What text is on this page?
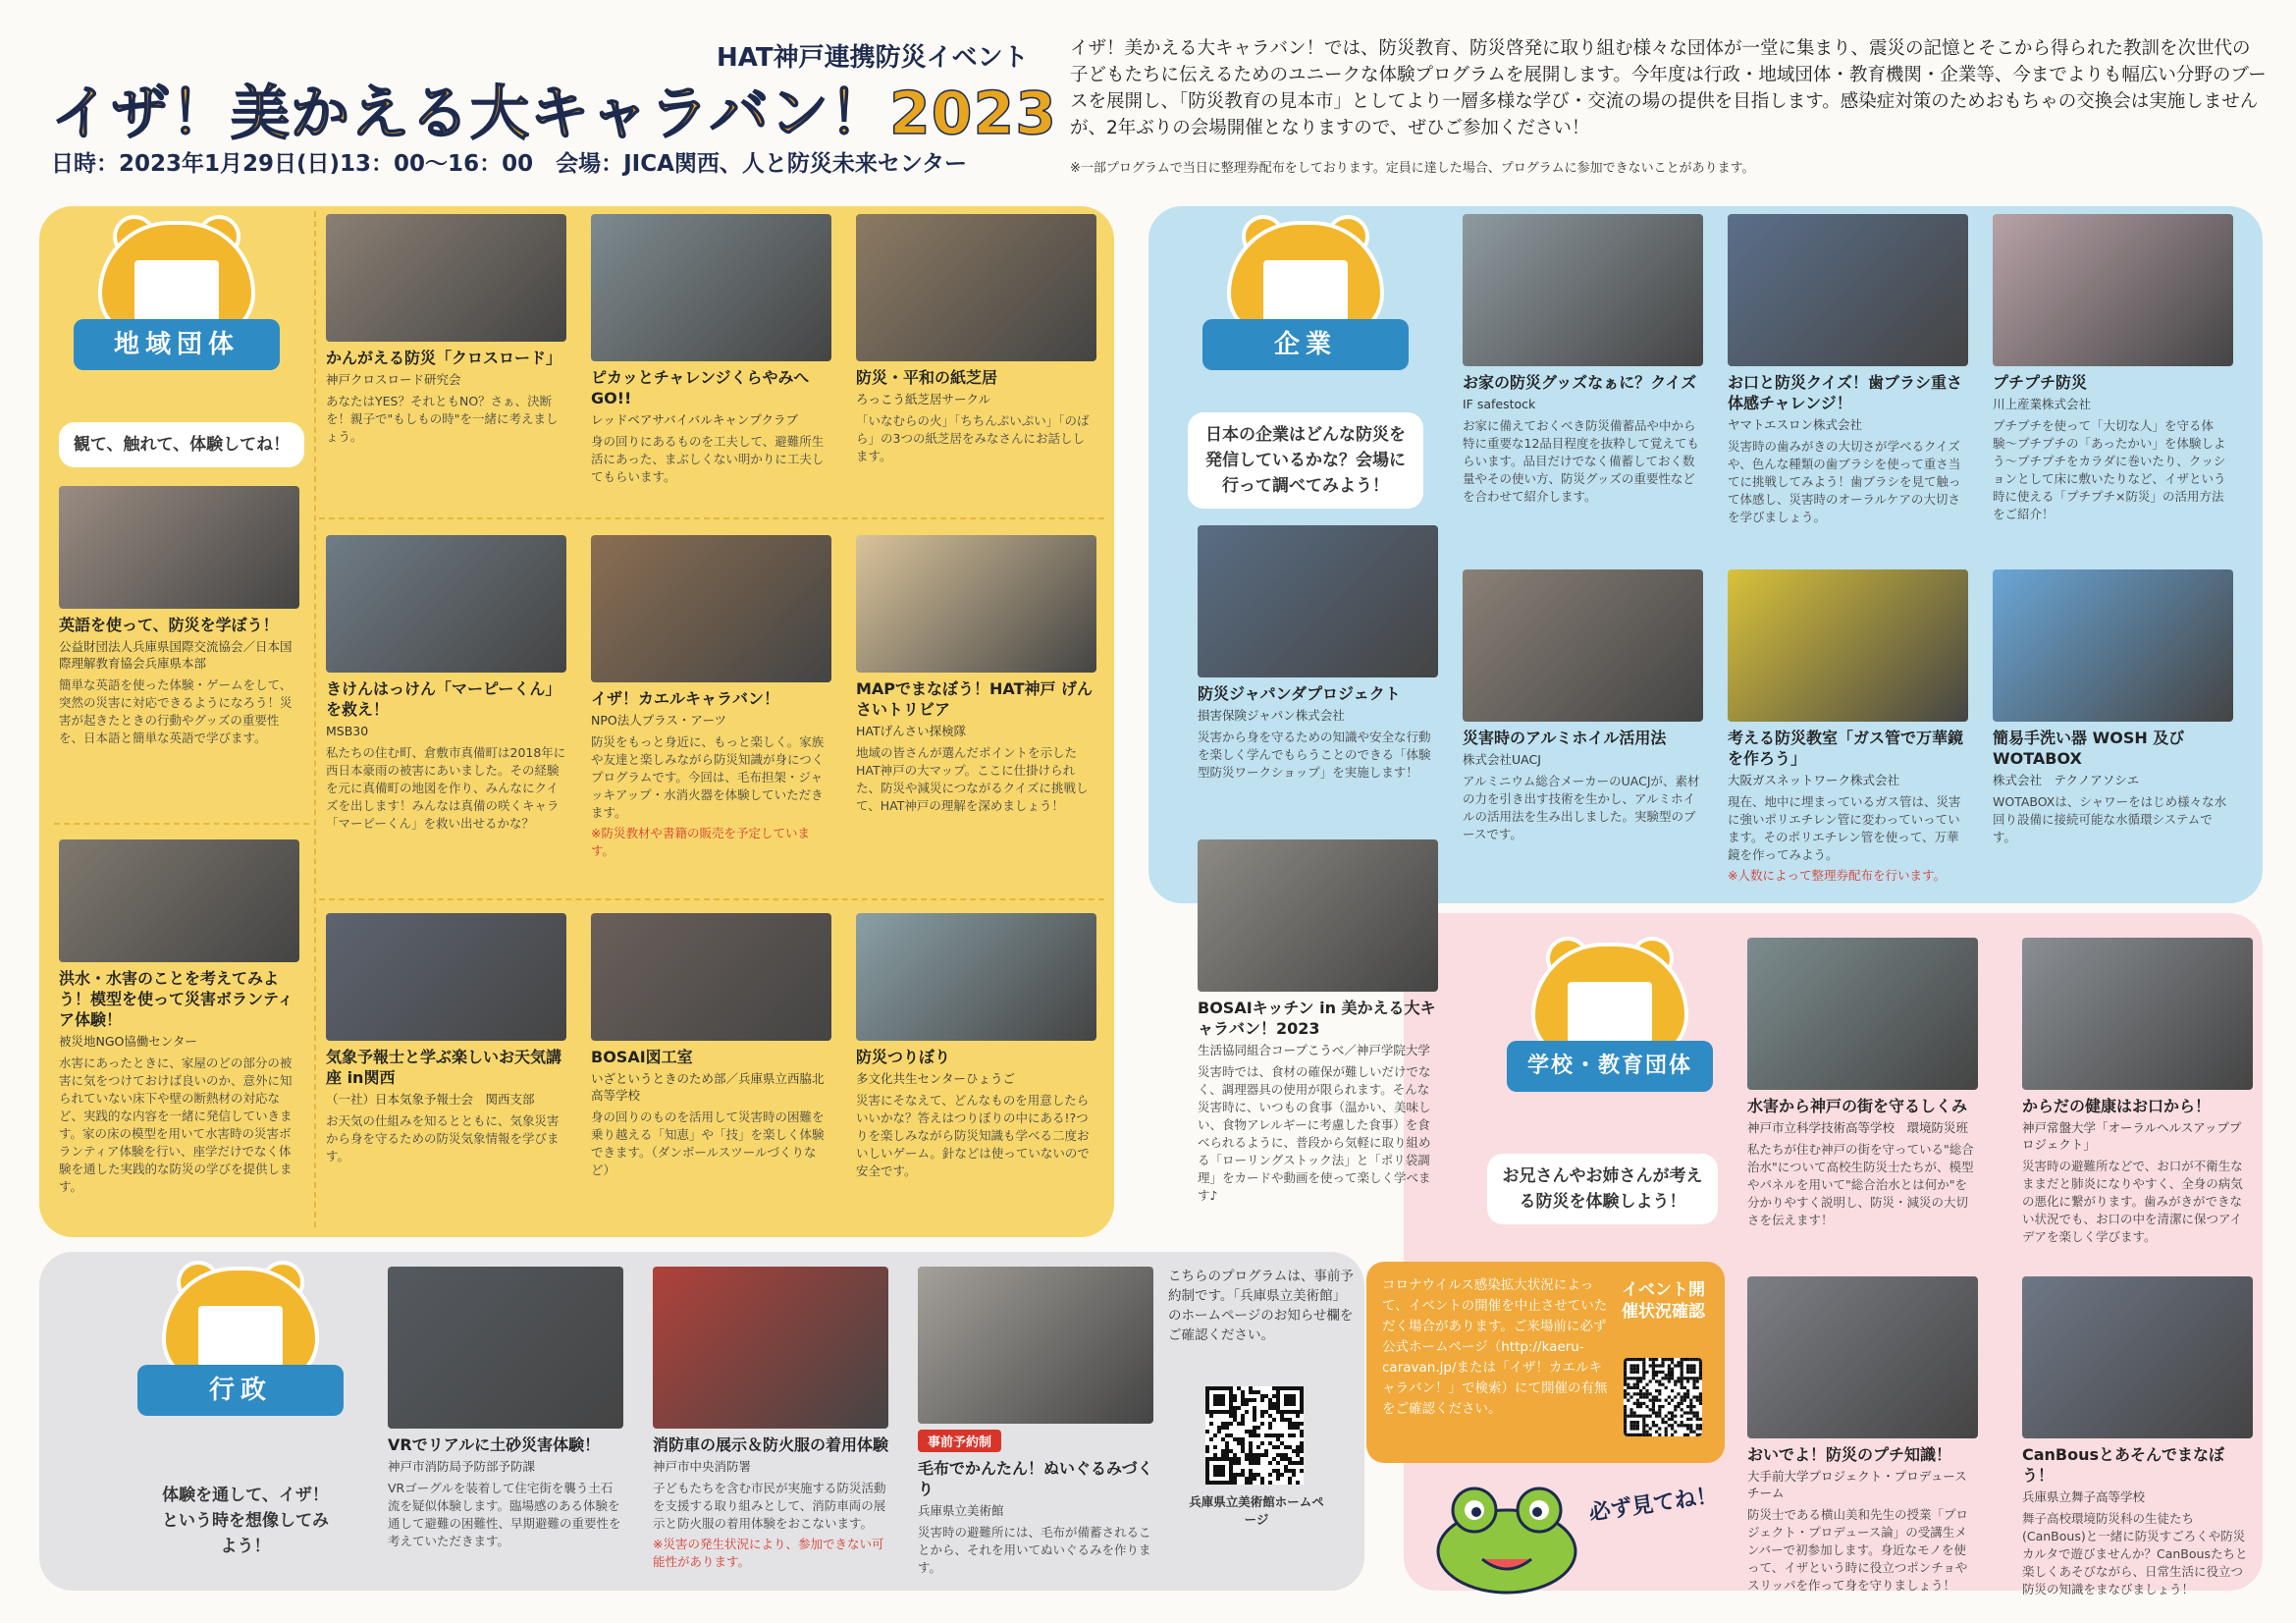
HAT神戸連携防災イベント
イザ！美かえる大キャラバン！2023
日時：2023年1月29日(日)13：00〜16：00　会場：JICA関西、人と防災未来センター
イザ！美かえる大キャラバン！では、防災教育、防災啓発に取り組む様々な団体が一堂に集まり、震災の記憶とそこから得られた教訓を次世代の子どもたちに伝えるためのユニークな体験プログラムを展開します。今年度は行政・地域団体・教育機関・企業等、今までよりも幅広い分野のブースを展開し、「防災教育の見本市」としてより一層多様な学び・交流の場の提供を目指します。感染症対策のためおもちゃの交換会は実施しませんが、2年ぶりの会場開催となりますので、ぜひご参加ください！
※一部プログラムで当日に整理券配布をしております。定員に達した場合、プログラムに参加できないことがあります。
地域団体
観て、触れて、体験してね！
企業
日本の企業はどんな防災を発信しているかな？会場に行って調べてみよう！
学校・教育団体
お兄さんやお姉さんが考える防災を体験しよう！
行政
体験を通して、イザ！という時を想像してみよう！
かんがえる防災「クロスロード」
神戸クロスロード研究会
あなたはYES？それともNO？さぁ、決断を！親子で"もしもの時"を一緒に考えましょう。
ピカッとチャレンジくらやみへGO!!
レッドベアサバイバルキャンプクラブ
身の回りにあるものを工夫して、避難所生活にあった、まぶしくない明かりに工夫してもらいます。
防災・平和の紙芝居
ろっこう紙芝居サークル
「いなむらの火」「ちちんぷいぷい」「のばら」の3つの紙芝居をみなさんにお話しします。
英語を使って、防災を学ぼう！
公益財団法人兵庫県国際交流協会／日本国際理解教育協会兵庫県本部
簡単な英語を使った体験・ゲームをして、突然の災害に対応できるようになろう！災害が起きたときの行動やグッズの重要性を、日本語と簡単な英語で学びます。
きけんはっけん「マーピーくん」を救え！
MSB30
私たちの住む町、倉敷市真備町は2018年に西日本豪雨の被害にあいました。その経験を元に真備町の地図を作り、みんなにクイズを出します！みんなは真備の咲くキャラ「マーピーくん」を救い出せるかな？
イザ！カエルキャラバン！
NPO法人プラス・アーツ
防災をもっと身近に、もっと楽しく。家族や友達と楽しみながら防災知識が身につくプログラムです。今回は、毛布担架・ジャッキアップ・水消火器を体験していただきます。
※防災教材や書籍の販売を予定しています。
MAPでまなぼう！HAT神戸 げんさいトリビア
HATげんさい探検隊
地域の皆さんが選んだポイントを示したHAT神戸の大マップ。ここに仕掛けられた、防災や減災につながるクイズに挑戦して、HAT神戸の理解を深めましょう！
洪水・水害のことを考えてみよう！模型を使って災害ボランティア体験！
被災地NGO協働センター
水害にあったときに、家屋のどの部分の被害に気をつけておけば良いのか、意外に知られていない床下や壁の断熱材の対応など、実践的な内容を一緒に発信していきます。家の床の模型を用いて水害時の災害ボランティア体験を行い、座学だけでなく体験を通した実践的な防災の学びを提供します。
気象予報士と学ぶ楽しいお天気講座 in関西
（一社）日本気象予報士会　関西支部
お天気の仕組みを知るとともに、気象災害から身を守るための防災気象情報を学びます。
BOSAI図工室
いざというときのため部／兵庫県立西脇北高等学校
身の回りのものを活用して災害時の困難を乗り越える「知恵」や「技」を楽しく体験できます。（ダンボールスツールづくりなど）
防災つりぼり
多文化共生センターひょうご
災害にそなえて、どんなものを用意したらいいかな？答えはつりぼりの中にある!?つりを楽しみながら防災知識も学べる二度おいしいゲーム。針などは使っていないので安全です。
お家の防災グッズなぁに？クイズ
IF safestock
お家に備えておくべき防災備蓄品や中から特に重要な12品目程度を抜粋して覚えてもらいます。品目だけでなく備蓄しておく数量やその使い方、防災グッズの重要性などを合わせて紹介します。
お口と防災クイズ！歯ブラシ重さ体感チャレンジ！
ヤマトエスロン株式会社
災害時の歯みがきの大切さが学べるクイズや、色んな種類の歯ブラシを使って重さ当てに挑戦してみよう！歯ブラシを見て触って体感し、災害時のオーラルケアの大切さを学びましょう。
プチプチ防災
川上産業株式会社
プチプチを使って「大切な人」を守る体験〜プチプチの「あったかい」を体験しよう〜プチプチをカラダに巻いたり、クッションとして床に敷いたりなど、イザという時に使える「プチプチ×防災」の活用方法をご紹介！
防災ジャパンダプロジェクト
損害保険ジャパン株式会社
災害から身を守るための知識や安全な行動を楽しく学んでもらうことのできる「体験型防災ワークショップ」を実施します！
災害時のアルミホイル活用法
株式会社UACJ
アルミニウム総合メーカーのUACJが、素材の力を引き出す技術を生かし、アルミホイルの活用法を生み出しました。実験型のブースです。
考える防災教室「ガス管で万華鏡を作ろう」
大阪ガスネットワーク株式会社
現在、地中に埋まっているガス管は、災害に強いポリエチレン管に変わっていっています。そのポリエチレン管を使って、万華鏡を作ってみよう。
※人数によって整理券配布を行います。
簡易手洗い器 WOSH 及び WOTABOX
株式会社　テクノアソシエ
WOTABOXは、シャワーをはじめ様々な水回り設備に接続可能な水循環システムです。
BOSAIキッチン in 美かえる大キャラバン！2023
生活協同組合コープこうべ／神戸学院大学
災害時では、食材の確保が難しいだけでなく、調理器具の使用が限られます。そんな災害時に、いつもの食事（温かい、美味しい、食物アレルギーに考慮した食事）を食べられるように、普段から気軽に取り組める「ローリングストック法」と「ポリ袋調理」をカードや動画を使って楽しく学べます♪
水害から神戸の街を守るしくみ
神戸市立科学技術高等学校　環境防災班
私たちが住む神戸の街を守っている"総合治水"について高校生防災士たちが、模型やパネルを用いて"総合治水とは何か"を分かりやすく説明し、防災・減災の大切さを伝えます！
からだの健康はお口から！
神戸常盤大学「オーラルヘルスアッププロジェクト」
災害時の避難所などで、お口が不衛生なままだと肺炎になりやすく、全身の病気の悪化に繋がります。歯みがきができない状況でも、お口の中を清潔に保つアイデアを楽しく学びます。
おいでよ！防災のプチ知識！
大手前大学プロジェクト・プロデュースチーム
防災士である横山美和先生の授業「プロジェクト・プロデュース論」の受講生メンバーで初参加します。身近なモノを使って、イザという時に役立つポンチョやスリッパを作って身を守りましょう！
CanBousとあそんでまなぼう！
兵庫県立舞子高等学校
舞子高校環境防災科の生徒たち(CanBous)と一緒に防災すごろくや防災カルタで遊びませんか？CanBousたちと楽しくあそびながら、日常生活に役立つ防災の知識をまなびましょう！
VRでリアルに土砂災害体験！
神戸市消防局予防部予防課
VRゴーグルを装着して住宅街を襲う土石流を疑似体験します。臨場感のある体験を通して避難の困難性、早期避難の重要性を考えていただきます。
消防車の展示＆防火服の着用体験
神戸市中央消防署
子どもたちを含む市民が実施する防災活動を支援する取り組みとして、消防車両の展示と防火服の着用体験をおこないます。
※災害の発生状況により、参加できない可能性があります。
事前予約制
毛布でかんたん！ぬいぐるみづくり
兵庫県立美術館
災害時の避難所には、毛布が備蓄されることから、それを用いてぬいぐるみを作ります。
こちらのプログラムは、事前予約制です。「兵庫県立美術館」のホームページのお知らせ欄をご確認ください。
兵庫県立美術館ホームページ
コロナウイルス感染拡大状況によって、イベントの開催を中止させていただく場合があります。ご来場前に必ず公式ホームページ（http://kaeru-caravan.jp/または「イザ！カエルキャラバン！」で検索）にて開催の有無をご確認ください。
イベント開催状況確認
必ず見てね！
